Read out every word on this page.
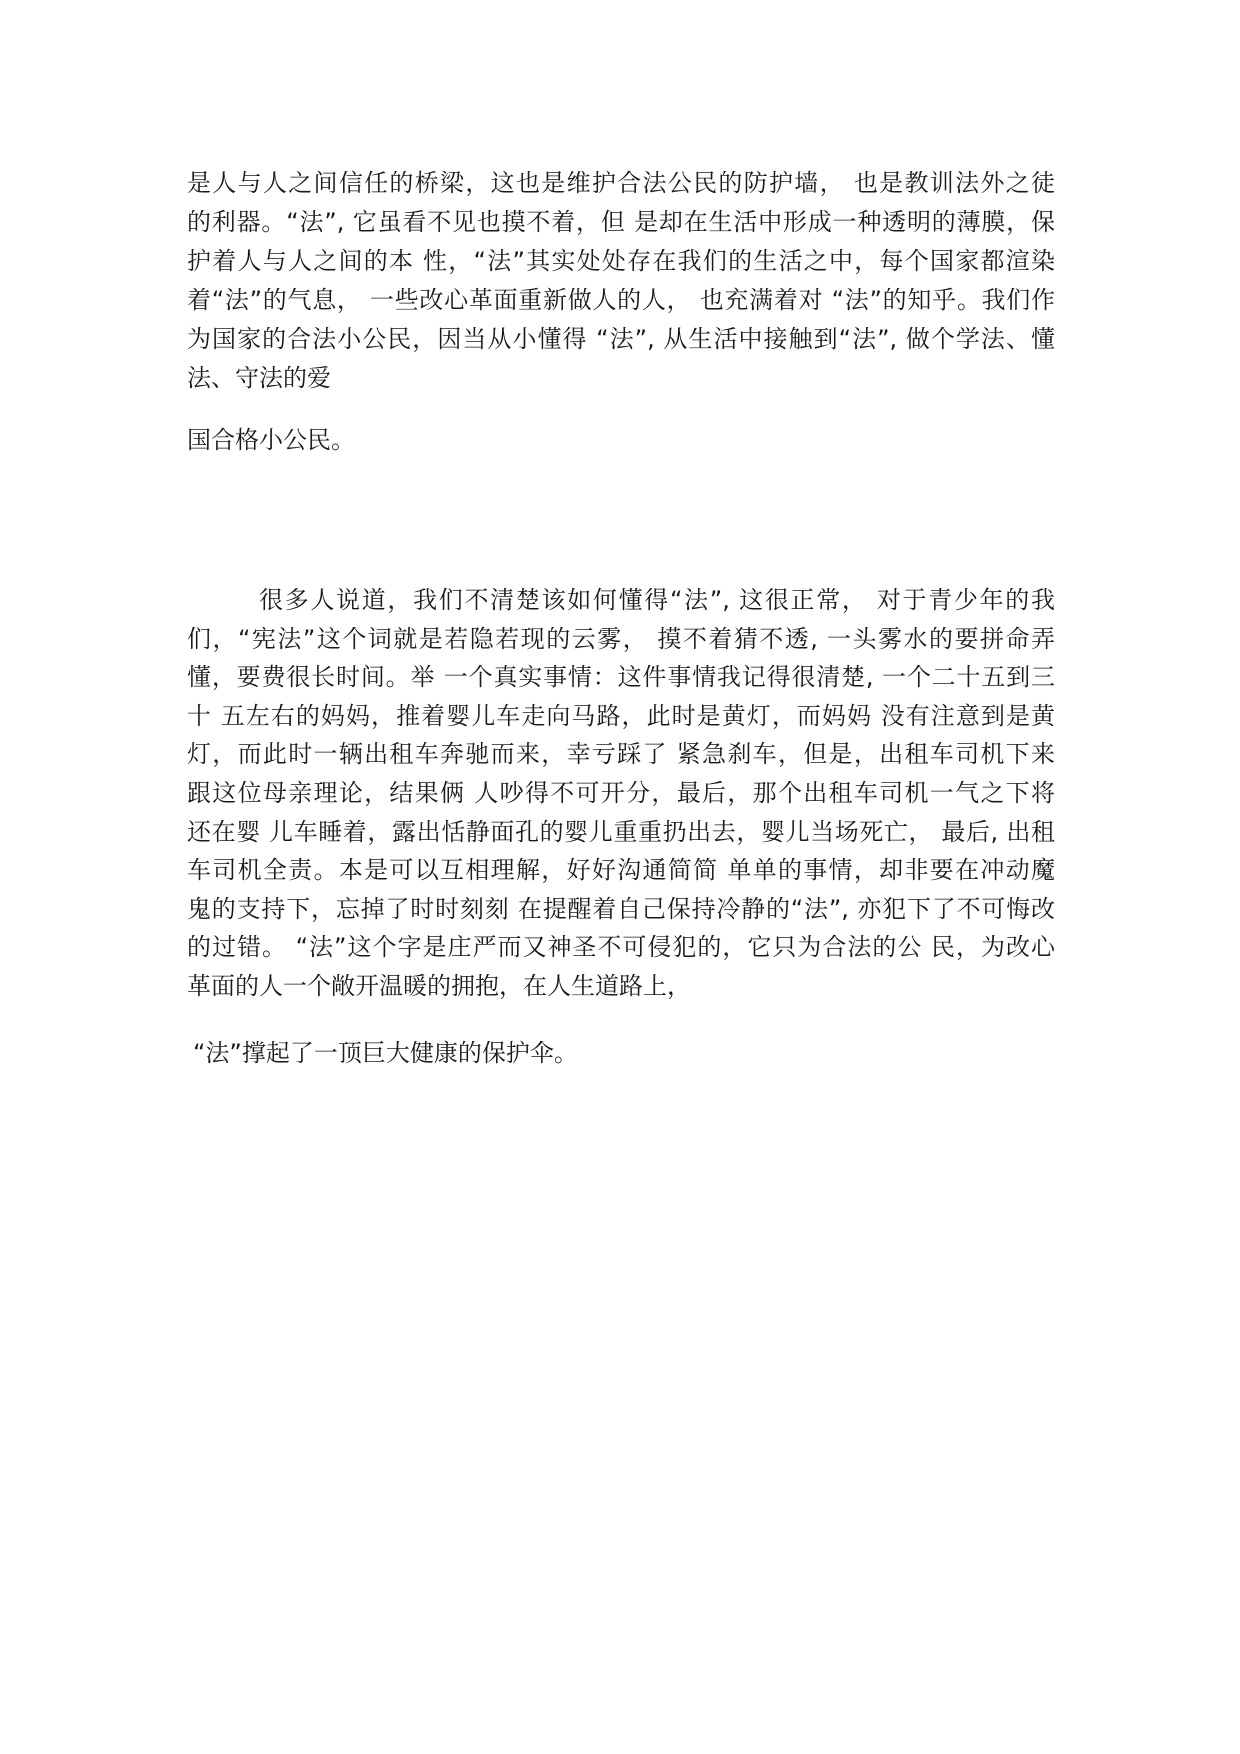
是人与人之间信任的桥梁，这也是维护合法公民的防护墙， 也是教训法外之徒
的利器。“法”, 它虽看不见也摸不着，但 是却在生活中形成一种透明的薄膜，保
护着人与人之间的本 性，“法”其实处处存在我们的生活之中，每个国家都渲染
着“法”的气息， 一些改心革面重新做人的人， 也充满着对 “法”的知乎。我们作
为国家的合法小公民，因当从小懂得 “法”, 从生活中接触到“法”, 做个学法、懂
法、守法的爱
国合格小公民。
很多人说道，我们不清楚该如何懂得“法”, 这很正常， 对于青少年的我
们，“宪法”这个词就是若隐若现的云雾， 摸不着猜不透, 一头雾水的要拼命弄
懂，要费很长时间。举 一个真实事情：这件事情我记得很清楚, 一个二十五到三
十 五左右的妈妈，推着婴儿车走向马路，此时是黄灯，而妈妈 没有注意到是黄
灯，而此时一辆出租车奔驰而来，幸亏踩了 紧急刹车，但是，出租车司机下来
跟这位母亲理论，结果俩 人吵得不可开分，最后，那个出租车司机一气之下将
还在婴 儿车睡着，露出恬静面孔的婴儿重重扔出去，婴儿当场死亡， 最后, 出租
车司机全责。本是可以互相理解，好好沟通简简 单单的事情，却非要在冲动魔
鬼的支持下，忘掉了时时刻刻 在提醒着自己保持冷静的“法”, 亦犯下了不可悔改
的过错。 “法”这个字是庄严而又神圣不可侵犯的，它只为合法的公 民，为改心
革面的人一个敞开温暖的拥抱，在人生道路上，
“法”撑起了一顶巨大健康的保护伞。
